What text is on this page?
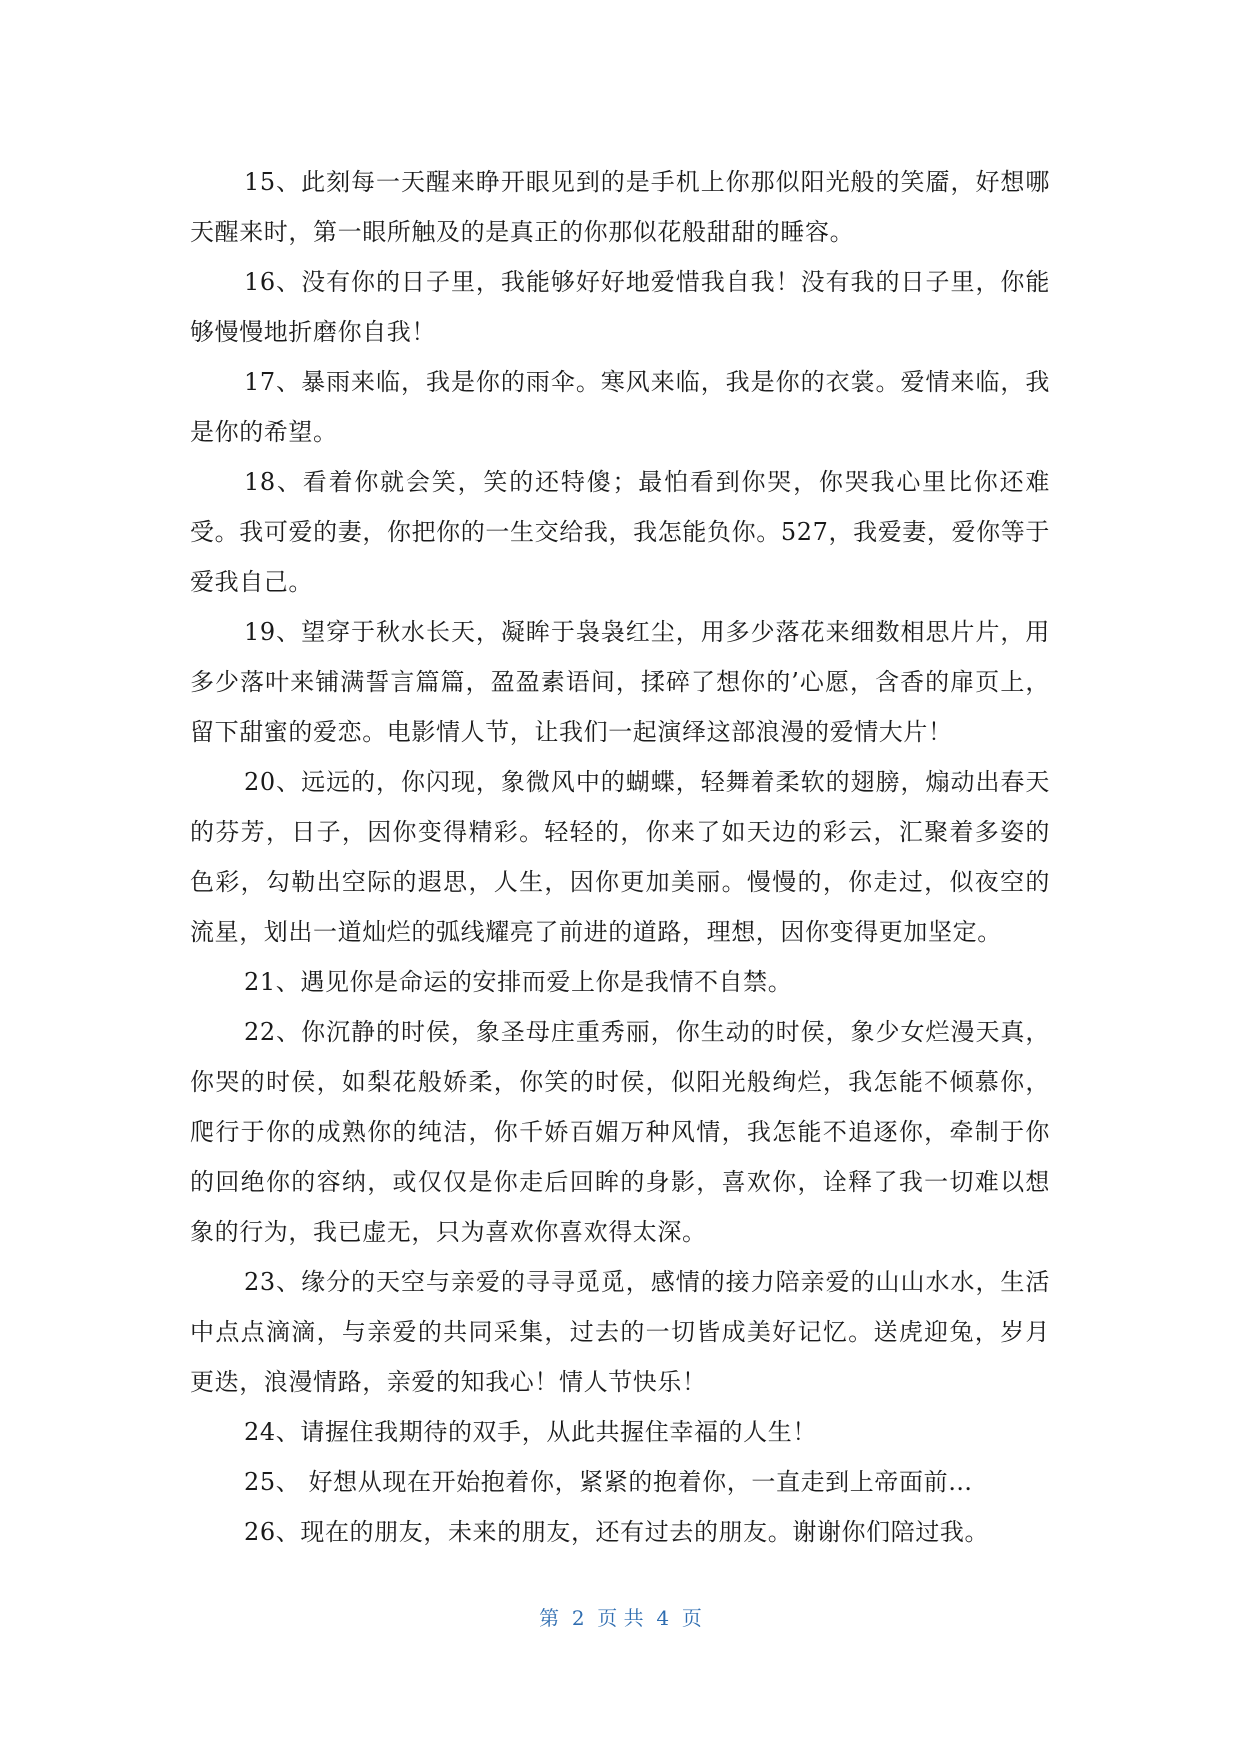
15、此刻每一天醒来睁开眼见到的是手机上你那似阳光般的笑靥，好想哪天醒来时，第一眼所触及的是真正的你那似花般甜甜的睡容。

16、没有你的日子里，我能够好好地爱惜我自我！没有我的日子里，你能够慢慢地折磨你自我！

17、暴雨来临，我是你的雨伞。寒风来临，我是你的衣裳。爱情来临，我是你的希望。

18、看着你就会笑，笑的还特傻；最怕看到你哭，你哭我心里比你还难受。我可爱的妻，你把你的一生交给我，我怎能负你。527，我爱妻，爱你等于爱我自己。

19、望穿于秋水长天，凝眸于袅袅红尘，用多少落花来细数相思片片，用多少落叶来铺满誓言篇篇，盈盈素语间，揉碎了想你的’心愿，含香的扉页上，留下甜蜜的爱恋。电影情人节，让我们一起演绎这部浪漫的爱情大片！

20、远远的，你闪现，象微风中的蝴蝶，轻舞着柔软的翅膀，煽动出春天的芬芳，日子，因你变得精彩。轻轻的，你来了如天边的彩云，汇聚着多姿的色彩，勾勒出空际的遐思，人生，因你更加美丽。慢慢的，你走过，似夜空的流星，划出一道灿烂的弧线耀亮了前进的道路，理想，因你变得更加坚定。

21、遇见你是命运的安排而爱上你是我情不自禁。

22、你沉静的时侯，象圣母庄重秀丽，你生动的时侯，象少女烂漫天真，你哭的时侯，如梨花般娇柔，你笑的时侯，似阳光般绚烂，我怎能不倾慕你，爬行于你的成熟你的纯洁，你千娇百媚万种风情，我怎能不追逐你，牵制于你的回绝你的容纳，或仅仅是你走后回眸的身影，喜欢你，诠释了我一切难以想象的行为，我已虚无，只为喜欢你喜欢得太深。

23、缘分的天空与亲爱的寻寻觅觅，感情的接力陪亲爱的山山水水，生活中点点滴滴，与亲爱的共同采集，过去的一切皆成美好记忆。送虎迎兔，岁月更迭，浪漫情路，亲爱的知我心！情人节快乐！

24、请握住我期待的双手，从此共握住幸福的人生！

25、 好想从现在开始抱着你，紧紧的抱着你，一直走到上帝面前…

26、现在的朋友，未来的朋友，还有过去的朋友。谢谢你们陪过我。

第  2  页 共  4  页
